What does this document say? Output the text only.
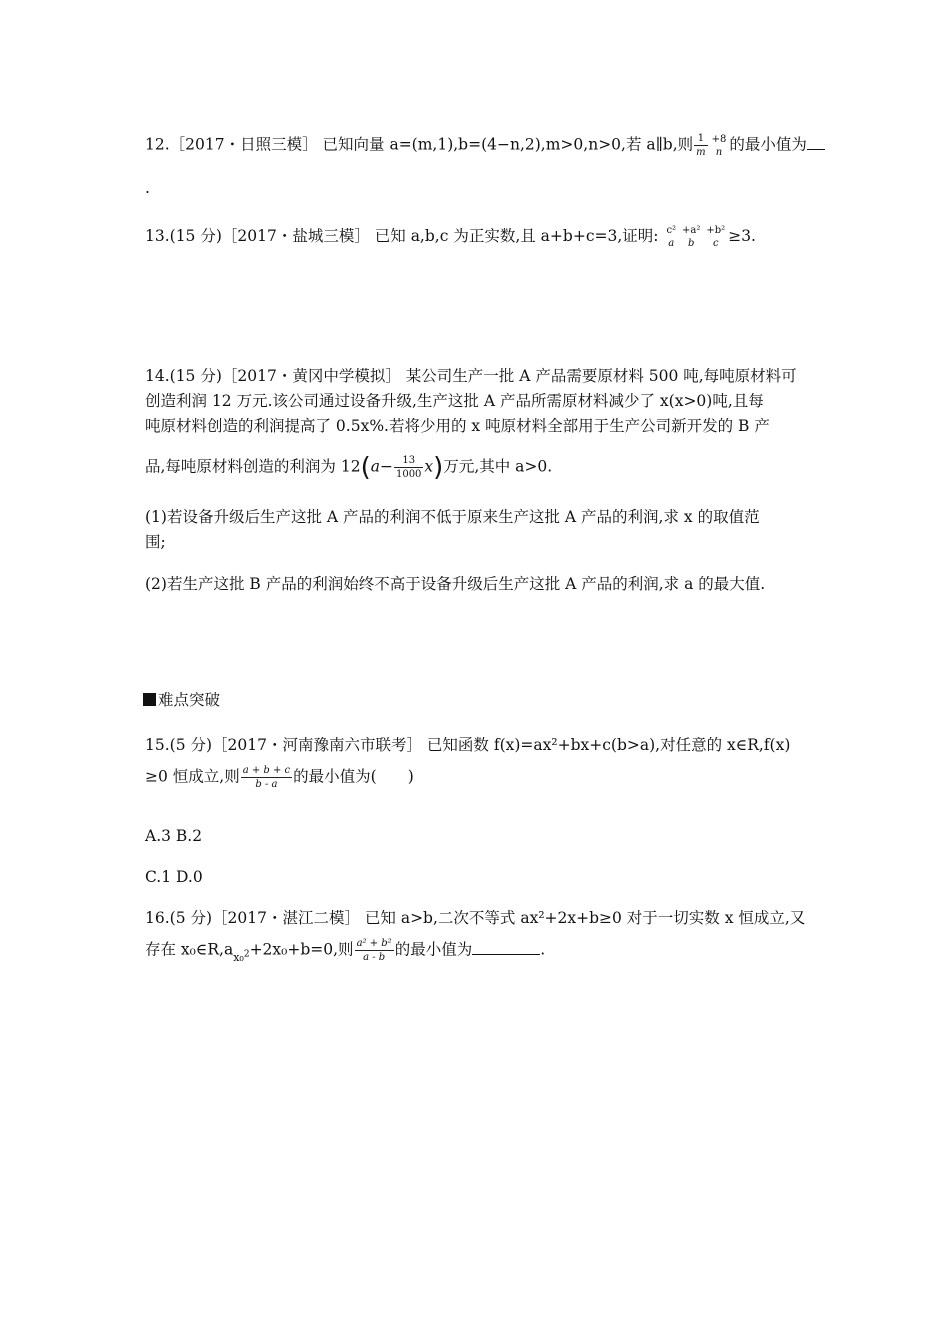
12.［2017・日照三模］ 已知向量 a=(m,1),b=(4−n,2),m>0,n>0,若 a∥b,则 $\frac{1}{m} +8$
n 的最小值为
.
13.(15 分)［2017・盐城三模］ 已知 a,b,c 为正实数,且 a+b+c=3,证明: c²
a
+a²
b
+b²
c ≥3.
14.(15 分)［2017・黄冈中学模拟］ 某公司生产一批 A 产品需要原材料 500 吨,每吨原材料可
创造利润 12 万元.该公司通过设备升级,生产这批 A 产品所需原材料减少了 x(x>0)吨,且每
吨原材料创造的利润提高了 0.5x%.若将少用的 x 吨原材料全部用于生产公司新开发的 B 产
品,每吨原材料创造的利润为 $12(a- \frac{13}{1000} x)$万元,其中 a>0.
(1)若设备升级后生产这批 A 产品的利润不低于原来生产这批 A 产品的利润,求 x 的取值范
围;
(2)若生产这批 B 产品的利润始终不高于设备升级后生产这批 A 产品的利润,求 a 的最大值.
难点突破
15.(5 分)［2017・河南豫南六市联考］ 已知函数 f(x)=ax²+bx+c(b>a),对任意的 x∈R,f(x)
≥0 恒成立,则 $\frac{a + b + c}{b - a}$ 的最小值为(　　)
A.3 B.2
C.1 D.0
16.(5 分)［2017・湛江二模］ 已知 a>b,二次不等式 ax²+2x+b≥0 对于一切实数 x 恒成立,又
存在 $x_0\in R,a_{x_0^2}+2x_0+b=0$,则 $\frac{\text{a² + b²}}{a - b}$ 的最小值为	.
